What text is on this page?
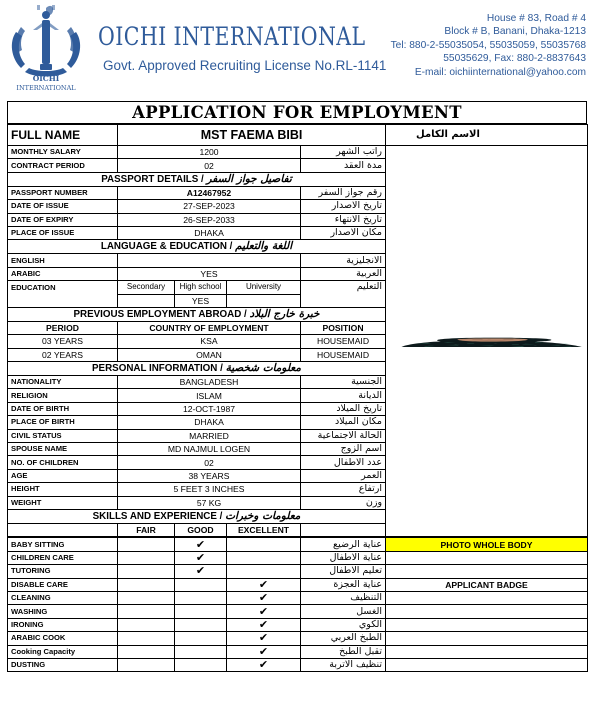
OICHI
INTERNATIONAL
OICHI INTERNATIONAL
Govt. Approved Recruiting License No.RL-1141
House # 83, Road # 4
Block # B, Banani, Dhaka-1213
Tel: 880-2-55035054, 55035059, 55035768
55035629, Fax: 880-2-8837643
E-mail: oichiinternational@yahoo.com
APPLICATION FOR EMPLOYMENT
FULL NAME	MST FAEMA BIBI				الاسم الكامل
MONTHLY SALARY	1200			راتب الشهر	

CONTRACT PERIOD	02			مدة العقد	
PASSPORT DETAILS / تفاصيل جواز السفر					
PASSPORT NUMBER	A12467952			رقم جواز السفر	
DATE OF ISSUE	27-SEP-2023			تاريخ الاصدار	
DATE OF EXPIRY	26-SEP-2033			تاريخ الانتهاء	
PLACE OF ISSUE	DHAKA			مكان الاصدار	
LANGUAGE & EDUCATION / اللغة والتعليم					
ENGLISH				الانجليزية	
ARABIC	YES			العربية	
EDUCATION	Secondary	High school	University	التعليم	
		YES			
PREVIOUS EMPLOYMENT ABROAD / خبرة خارج البلاد					
PERIOD	COUNTRY OF EMPLOYMENT			POSITION	
03 YEARS	KSA			HOUSEMAID	
02 YEARS	OMAN			HOUSEMAID	
PERSONAL INFORMATION / معلومات شخصية					
NATIONALITY	BANGLADESH			الجنسية	
RELIGION	ISLAM			الديانة	
DATE OF BIRTH	12-OCT-1987			تاريخ الميلاد	
PLACE OF BIRTH	DHAKA			مكان الميلاد	
CIVIL STATUS	MARRIED			الحالة الاجتماعية	
SPOUSE NAME	MD NAJMUL LOGEN			اسم الزوج	
NO. OF CHILDREN	02			عدد الاطفال	
AGE	38 YEARS			العمر	
HEIGHT	5 FEET 3 INCHES			ارتفاع	
WEIGHT	57 KG			وزن	
SKILLS AND EXPERIENCE / معلومات وخبرات					
	FAIR	GOOD	EXCELLENT		
BABY SITTING		✔		عناية الرضيع	PHOTO WHOLE BODY
CHILDREN CARE		✔		عناية الاطفال	
TUTORING		✔		تعليم الاطفال	
DISABLE CARE			✔	عناية العجزة	APPLICANT BADGE
CLEANING			✔	التنظيف	
WASHING			✔	الغسل	
IRONING			✔	الكوي	
ARABIC COOK			✔	الطبخ العربي	
Cooking Capacity			✔	تقبل الطبخ	
DUSTING			✔	تنظيف الاتربة	
